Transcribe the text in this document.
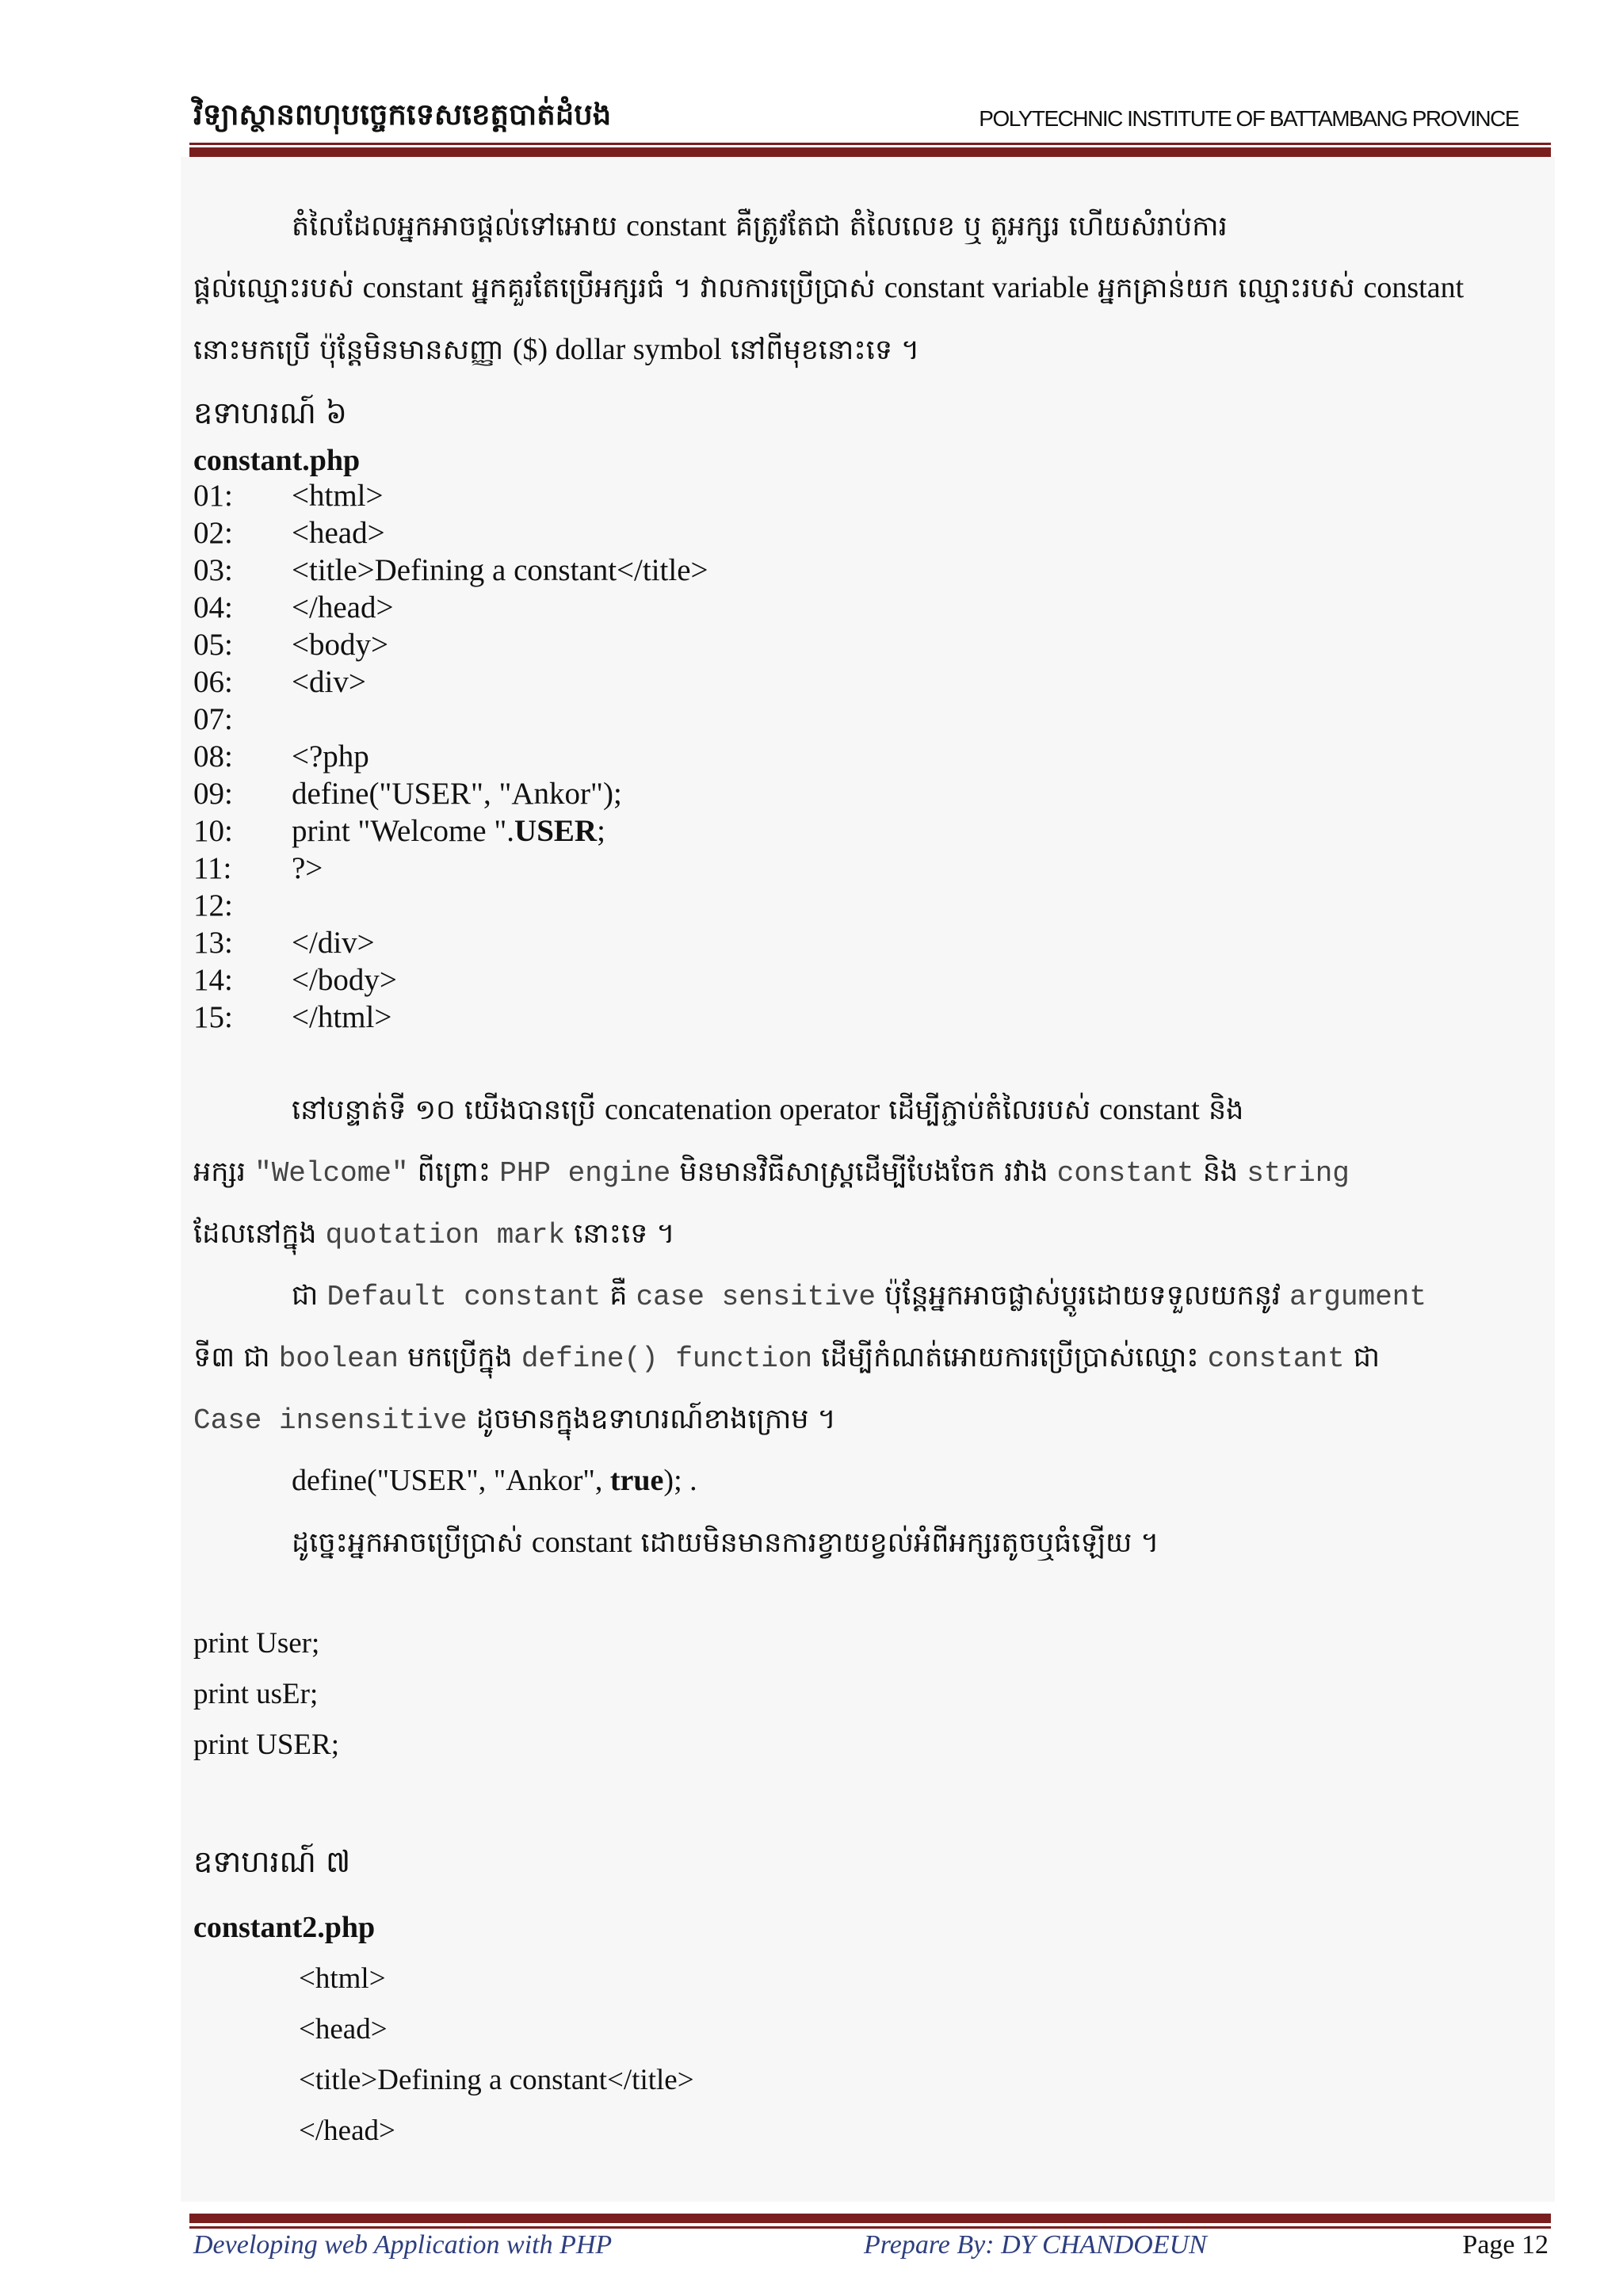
វិទ្យាស្ថានពហុបច្ចេកទេសខេត្តបាត់ដំបង	POLYTECHNIC INSTITUTE OF BATTAMBANG PROVINCE
តំលៃដែលអ្នកអាចផ្តល់ទៅអោយ constant គឺត្រូវតែជា តំលៃលេខ ឬ តួអក្សរ ហើយសំរាប់ការ
ផ្តល់ឈ្មោះរបស់ constant អ្នកគួរតែប្រើអក្សរធំ ។ វាលការប្រើប្រាស់ constant variable អ្នកគ្រាន់យក ឈ្មោះរបស់ constant
នោះមកប្រើ ប៉ុន្តែមិនមានសញ្ញា ($) dollar symbol នៅពីមុខនោះទេ ។
ឧទាហរណ៍ ៦
constant.php
01: <html>
02: <head>
03: <title>Defining a constant</title>
04: </head>
05: <body>
06: <div>
07:
08: <?php
09: define("USER", "Ankor");
10: print "Welcome ".USER;
11: ?>
12:
13: </div>
14: </body>
15: </html>
នៅបន្ទាត់ទី ១០ យើងបានប្រើ concatenation operator ដើម្បីភ្ជាប់តំលៃរបស់ constant និង
អក្សរ "Welcome" ពីព្រោះ PHP engine មិនមានវិធីសាស្ត្រដើម្បីបែងចែក រវាង constant និង string
ដែលនៅក្នុង quotation mark នោះទេ ។
ជា Default constant គឺ case sensitive ប៉ុន្តែអ្នកអាចផ្លាស់ប្តូរដោយទទួលយកនូវ argument
ទី៣ ជា boolean មកប្រើក្នុង define() function ដើម្បីកំណត់អោយការប្រើប្រាស់ឈ្មោះ constant ជា
Case insensitive ដូចមានក្នុងឧទាហរណ៍ខាងក្រោម ។
define("USER", "Ankor", true); .
ដូច្នេះអ្នកអាចប្រើប្រាស់ constant ដោយមិនមានការខ្វាយខ្វល់អំពីអក្សរតូចឬធំឡើយ ។
print User;
print usEr;
print USER;
ឧទាហរណ៍ ៧
constant2.php
<html>
<head>
<title>Defining a constant</title>
</head>
Developing web Application with PHP	Prepare By: DY CHANDOEUN	Page 12
